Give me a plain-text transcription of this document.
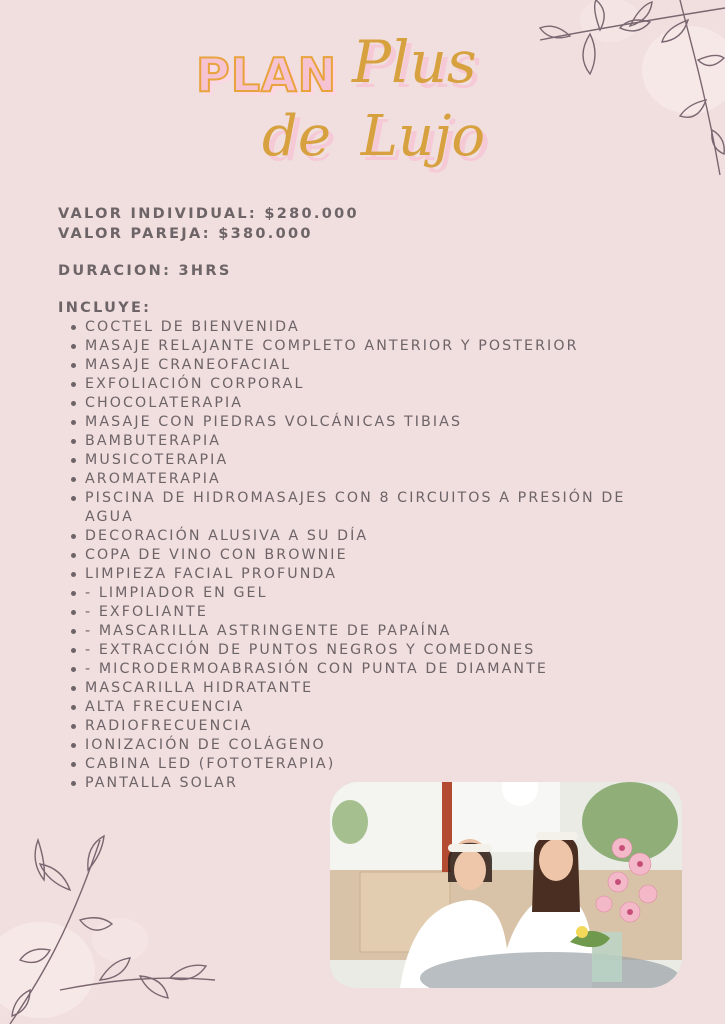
PLAN Plus
de Lujo
VALOR INDIVIDUAL: $280.000
VALOR PAREJA: $380.000
DURACION: 3HRS
INCLUYE:
COCTEL DE BIENVENIDA
MASAJE RELAJANTE COMPLETO ANTERIOR Y POSTERIOR
MASAJE CRANEOFACIAL
EXFOLIACIÓN CORPORAL
CHOCOLATERAPIA
MASAJE CON PIEDRAS VOLCÁNICAS TIBIAS
BAMBUTERAPIA
MUSICOTERAPIA
AROMATERAPIA
PISCINA DE HIDROMASAJES CON 8 CIRCUITOS A PRESIÓN DE AGUA
DECORACIÓN ALUSIVA A SU DÍA
COPA DE VINO CON BROWNIE
LIMPIEZA FACIAL PROFUNDA
- LIMPIADOR EN GEL
- EXFOLIANTE
- MASCARILLA ASTRINGENTE DE PAPAÍNA
- EXTRACCIÓN DE PUNTOS NEGROS Y COMEDONES
- MICRODERMOABRASIÓN CON PUNTA DE DIAMANTE
MASCARILLA HIDRATANTE
ALTA FRECUENCIA
RADIOFRECUENCIA
IONIZACIÓN DE COLÁGENO
CABINA LED (FOTOTERAPIA)
PANTALLA SOLAR
